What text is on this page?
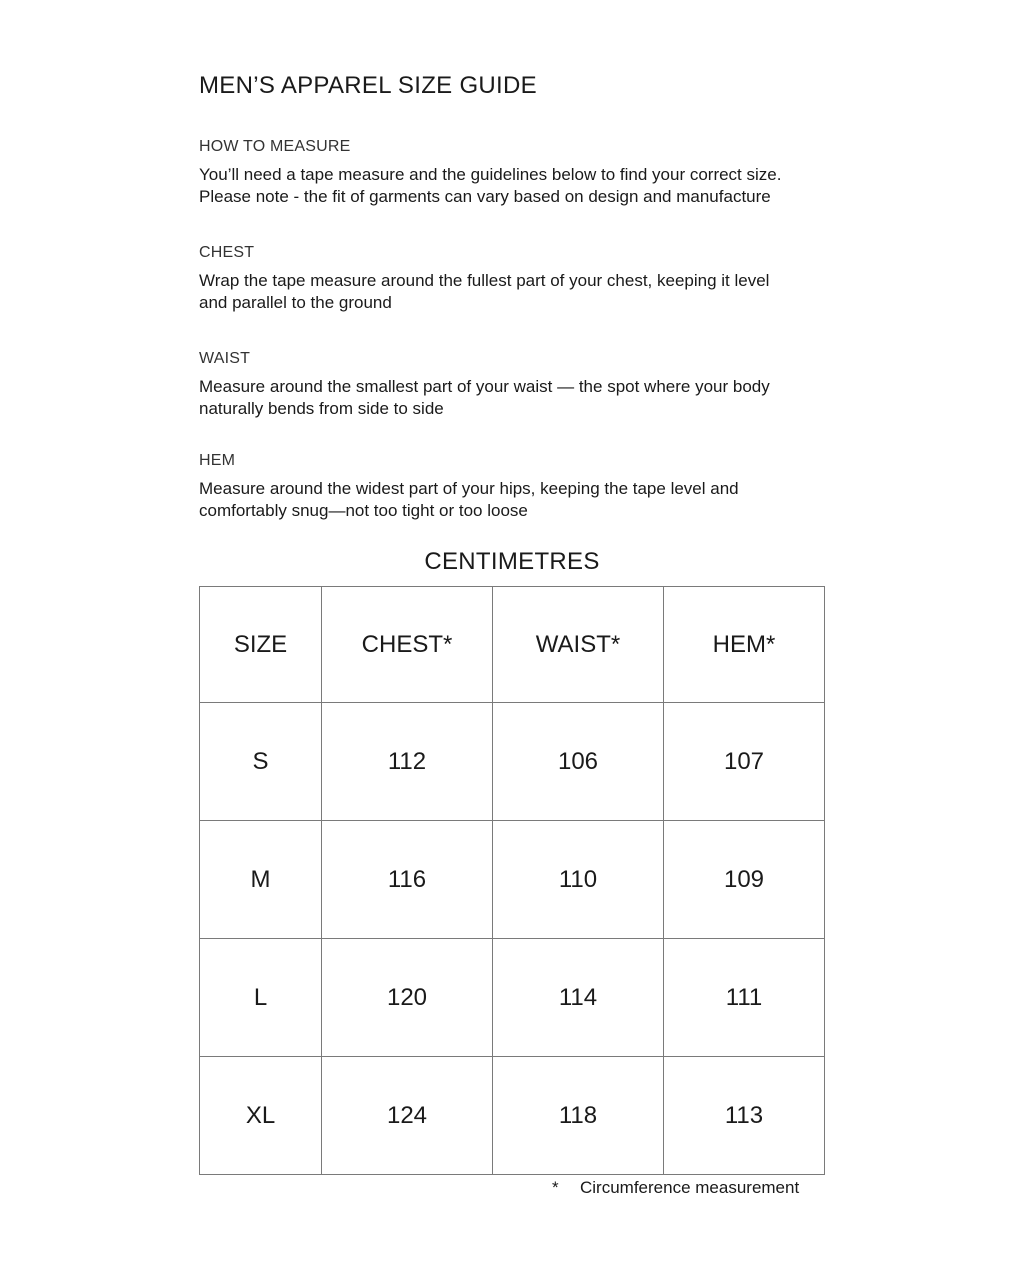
MEN’S APPAREL SIZE GUIDE
HOW TO MEASURE

You’ll need a tape measure and the guidelines below to find your correct size.
Please note - the fit of garments can vary based on design and manufacture

CHEST

Wrap the tape measure around the fullest part of your chest, keeping it level
and parallel to the ground

WAIST

Measure around the smallest part of your waist — the spot where your body
naturally bends from side to side

HEM

Measure around the widest part of your hips, keeping the tape level and
comfortably snug—not too tight or too loose

CENTIMETRES
SIZE	CHEST*	WAIST*	HEM*
S	112	106	107
M	116	110	109
L	120	114	111
XL	124	118	113
* Circumference measurement
